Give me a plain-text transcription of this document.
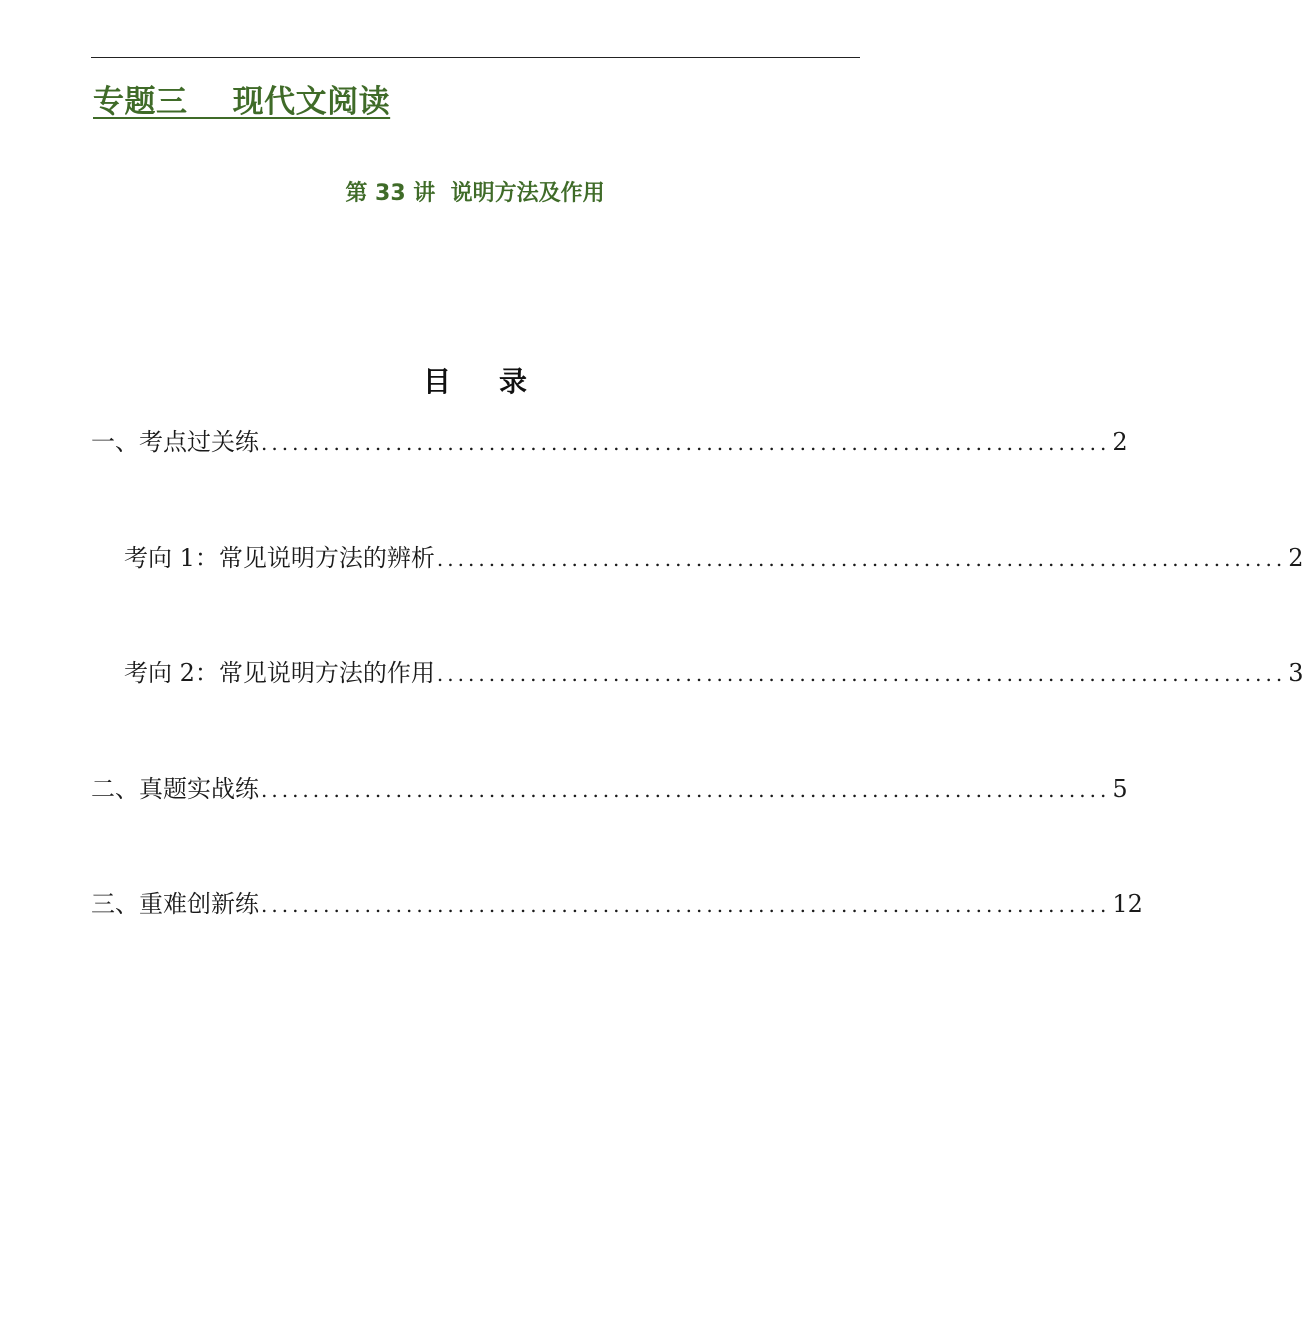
专题三    现代文阅读
第 33 讲  说明方法及作用
目录
一、考点过关练 .................................................................................. 2
考向 1：常见说明方法的辨析 .................................................................................. 2
考向 2：常见说明方法的作用 .................................................................................. 3
二、真题实战练 .................................................................................. 5
三、重难创新练 .................................................................................. 12
